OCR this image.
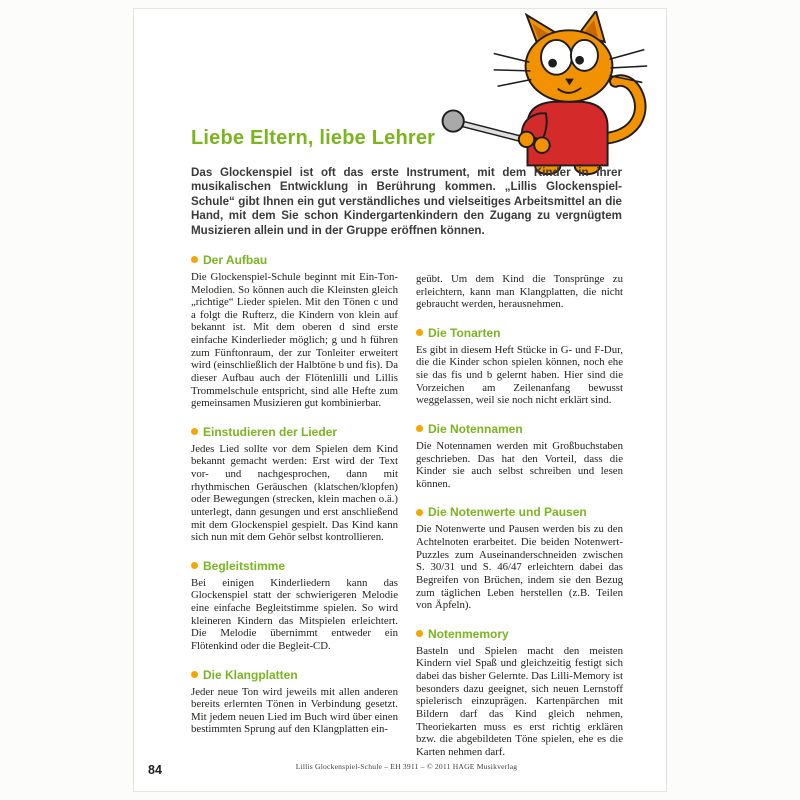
Liebe Eltern, liebe Lehrer

Das Glockenspiel ist oft das erste Instrument, mit dem Kinder in ihrer musikalischen Entwicklung in Berührung kommen. „Lillis Glockenspiel-Schule“ gibt Ihnen ein gut verständliches und vielseitiges Arbeitsmittel an die Hand, mit dem Sie schon Kindergartenkindern den Zugang zu vergnügtem Musizieren allein und in der Gruppe eröffnen können.

Der Aufbau

Die Glockenspiel-Schule beginnt mit Ein-Ton-Melodien. So können auch die Kleinsten gleich „richtige“ Lieder spielen. Mit den Tönen c und a folgt die Rufterz, die Kindern von klein auf bekannt ist. Mit dem oberen d sind erste einfache Kinderlieder möglich; g und h führen zum Fünftonraum, der zur Tonleiter erweitert wird (einschließlich der Halbtöne b und fis). Da dieser Aufbau auch der Flötenlilli und Lillis Trommelschule entspricht, sind alle Hefte zum gemeinsamen Musizieren gut kombinierbar.

Einstudieren der Lieder

Jedes Lied sollte vor dem Spielen dem Kind bekannt gemacht werden: Erst wird der Text vor- und nachgesprochen, dann mit rhythmischen Geräuschen (klatschen/klopfen) oder Bewegungen (strecken, klein machen o.ä.) unterlegt, dann gesungen und erst anschließend mit dem Glockenspiel gespielt. Das Kind kann sich nun mit dem Gehör selbst kontrollieren.

Begleitstimme

Bei einigen Kinderliedern kann das Glockenspiel statt der schwierigeren Melodie eine einfache Begleitstimme spielen. So wird kleineren Kindern das Mitspielen erleichtert. Die Melodie übernimmt entweder ein Flötenkind oder die Begleit-CD.

Die Klangplatten

Jeder neue Ton wird jeweils mit allen anderen bereits erlernten Tönen in Verbindung gesetzt. Mit jedem neuen Lied im Buch wird über einen bestimmten Sprung auf den Klangplatten ein-

geübt. Um dem Kind die Tonsprünge zu erleichtern, kann man Klangplatten, die nicht gebraucht werden, herausnehmen.

Die Tonarten

Es gibt in diesem Heft Stücke in G- und F-Dur, die die Kinder schon spielen können, noch ehe sie das fis und b gelernt haben. Hier sind die Vorzeichen am Zeilenanfang bewusst weggelassen, weil sie noch nicht erklärt sind.

Die Notennamen

Die Notennamen werden mit Großbuchstaben geschrieben. Das hat den Vorteil, dass die Kinder sie auch selbst schreiben und lesen können.

Die Notenwerte und Pausen

Die Notenwerte und Pausen werden bis zu den Achtelnoten erarbeitet. Die beiden Notenwert-Puzzles zum Auseinanderschneiden zwischen S. 30/31 und S. 46/47 erleichtern dabei das Begreifen von Brüchen, indem sie den Bezug zum täglichen Leben herstellen (z.B. Teilen von Äpfeln).

Notenmemory

Basteln und Spielen macht den meisten Kindern viel Spaß und gleichzeitig festigt sich dabei das bisher Gelernte. Das Lilli-Memory ist besonders dazu geeignet, sich neuen Lernstoff spielerisch einzuprägen. Kartenpärchen mit Bildern darf das Kind gleich nehmen, Theoriekarten muss es erst richtig erklären bzw. die abgebildeten Töne spielen, ehe es die Karten nehmen darf.

84	Lillis Glockenspiel-Schule – EH 3911 – © 2011 HAGE Musikverlag
